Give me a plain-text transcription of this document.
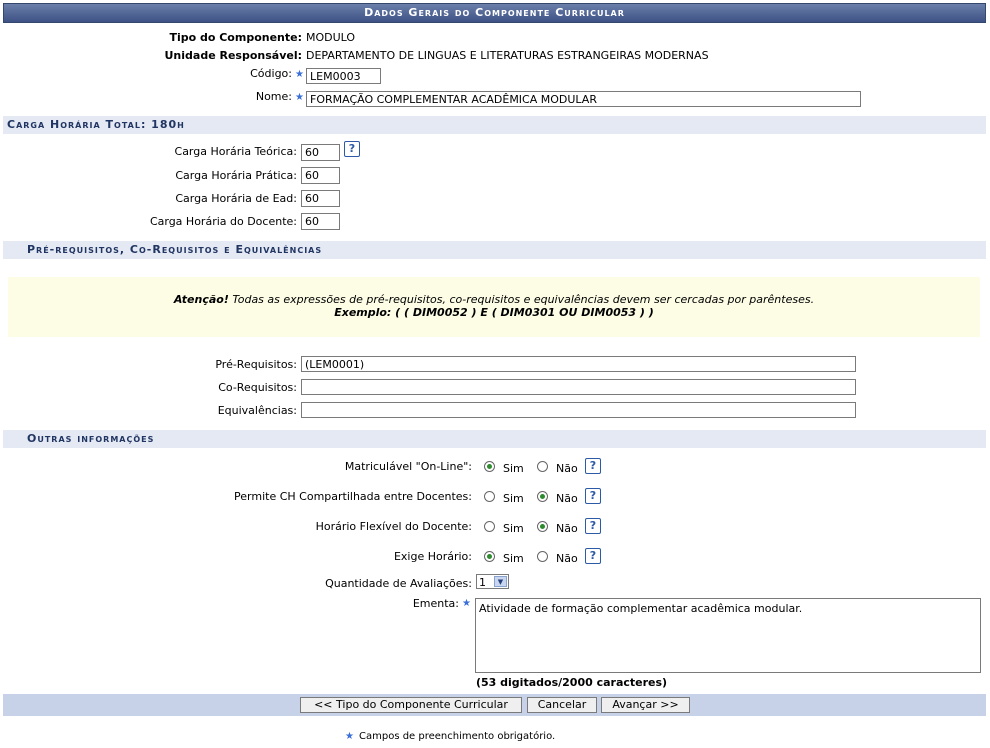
Dados Gerais do Componente Curricular
Tipo do Componente: MODULO
Unidade Responsável: DEPARTAMENTO DE LINGUAS E LITERATURAS ESTRANGEIRAS MODERNAS
Código: ★
LEM0003
Nome: ★
FORMAÇÃO COMPLEMENTAR ACADÊMICA MODULAR
Carga Horária Total: 180h
Carga Horária Teórica:
60	?
Carga Horária Prática:
60
Carga Horária de Ead:
60
Carga Horária do Docente:
60
Pré-requisitos, Co-Requisitos e Equivalências
Atenção! Todas as expressões de pré-requisitos, co-requisitos e equivalências devem ser cercadas por parênteses.
Exemplo: ( ( DIM0052 ) E ( DIM0301 OU DIM0053 ) )
Pré-Requisitos:
(LEM0001)
Co-Requisitos:
Equivalências:
Outras informações
Matriculável "On-Line":	Sim	Não	?
Permite CH Compartilhada entre Docentes:	Sim	Não	?
Horário Flexível do Docente:	Sim	Não	?
Exige Horário:	Sim	Não	?
Quantidade de Avaliações: 1	▼
Ementa: ★
Atividade de formação complementar acadêmica modular.
(53 digitados/2000 caracteres)
<< Tipo do Componente Curricular	Cancelar	Avançar >>
★ Campos de preenchimento obrigatório.
